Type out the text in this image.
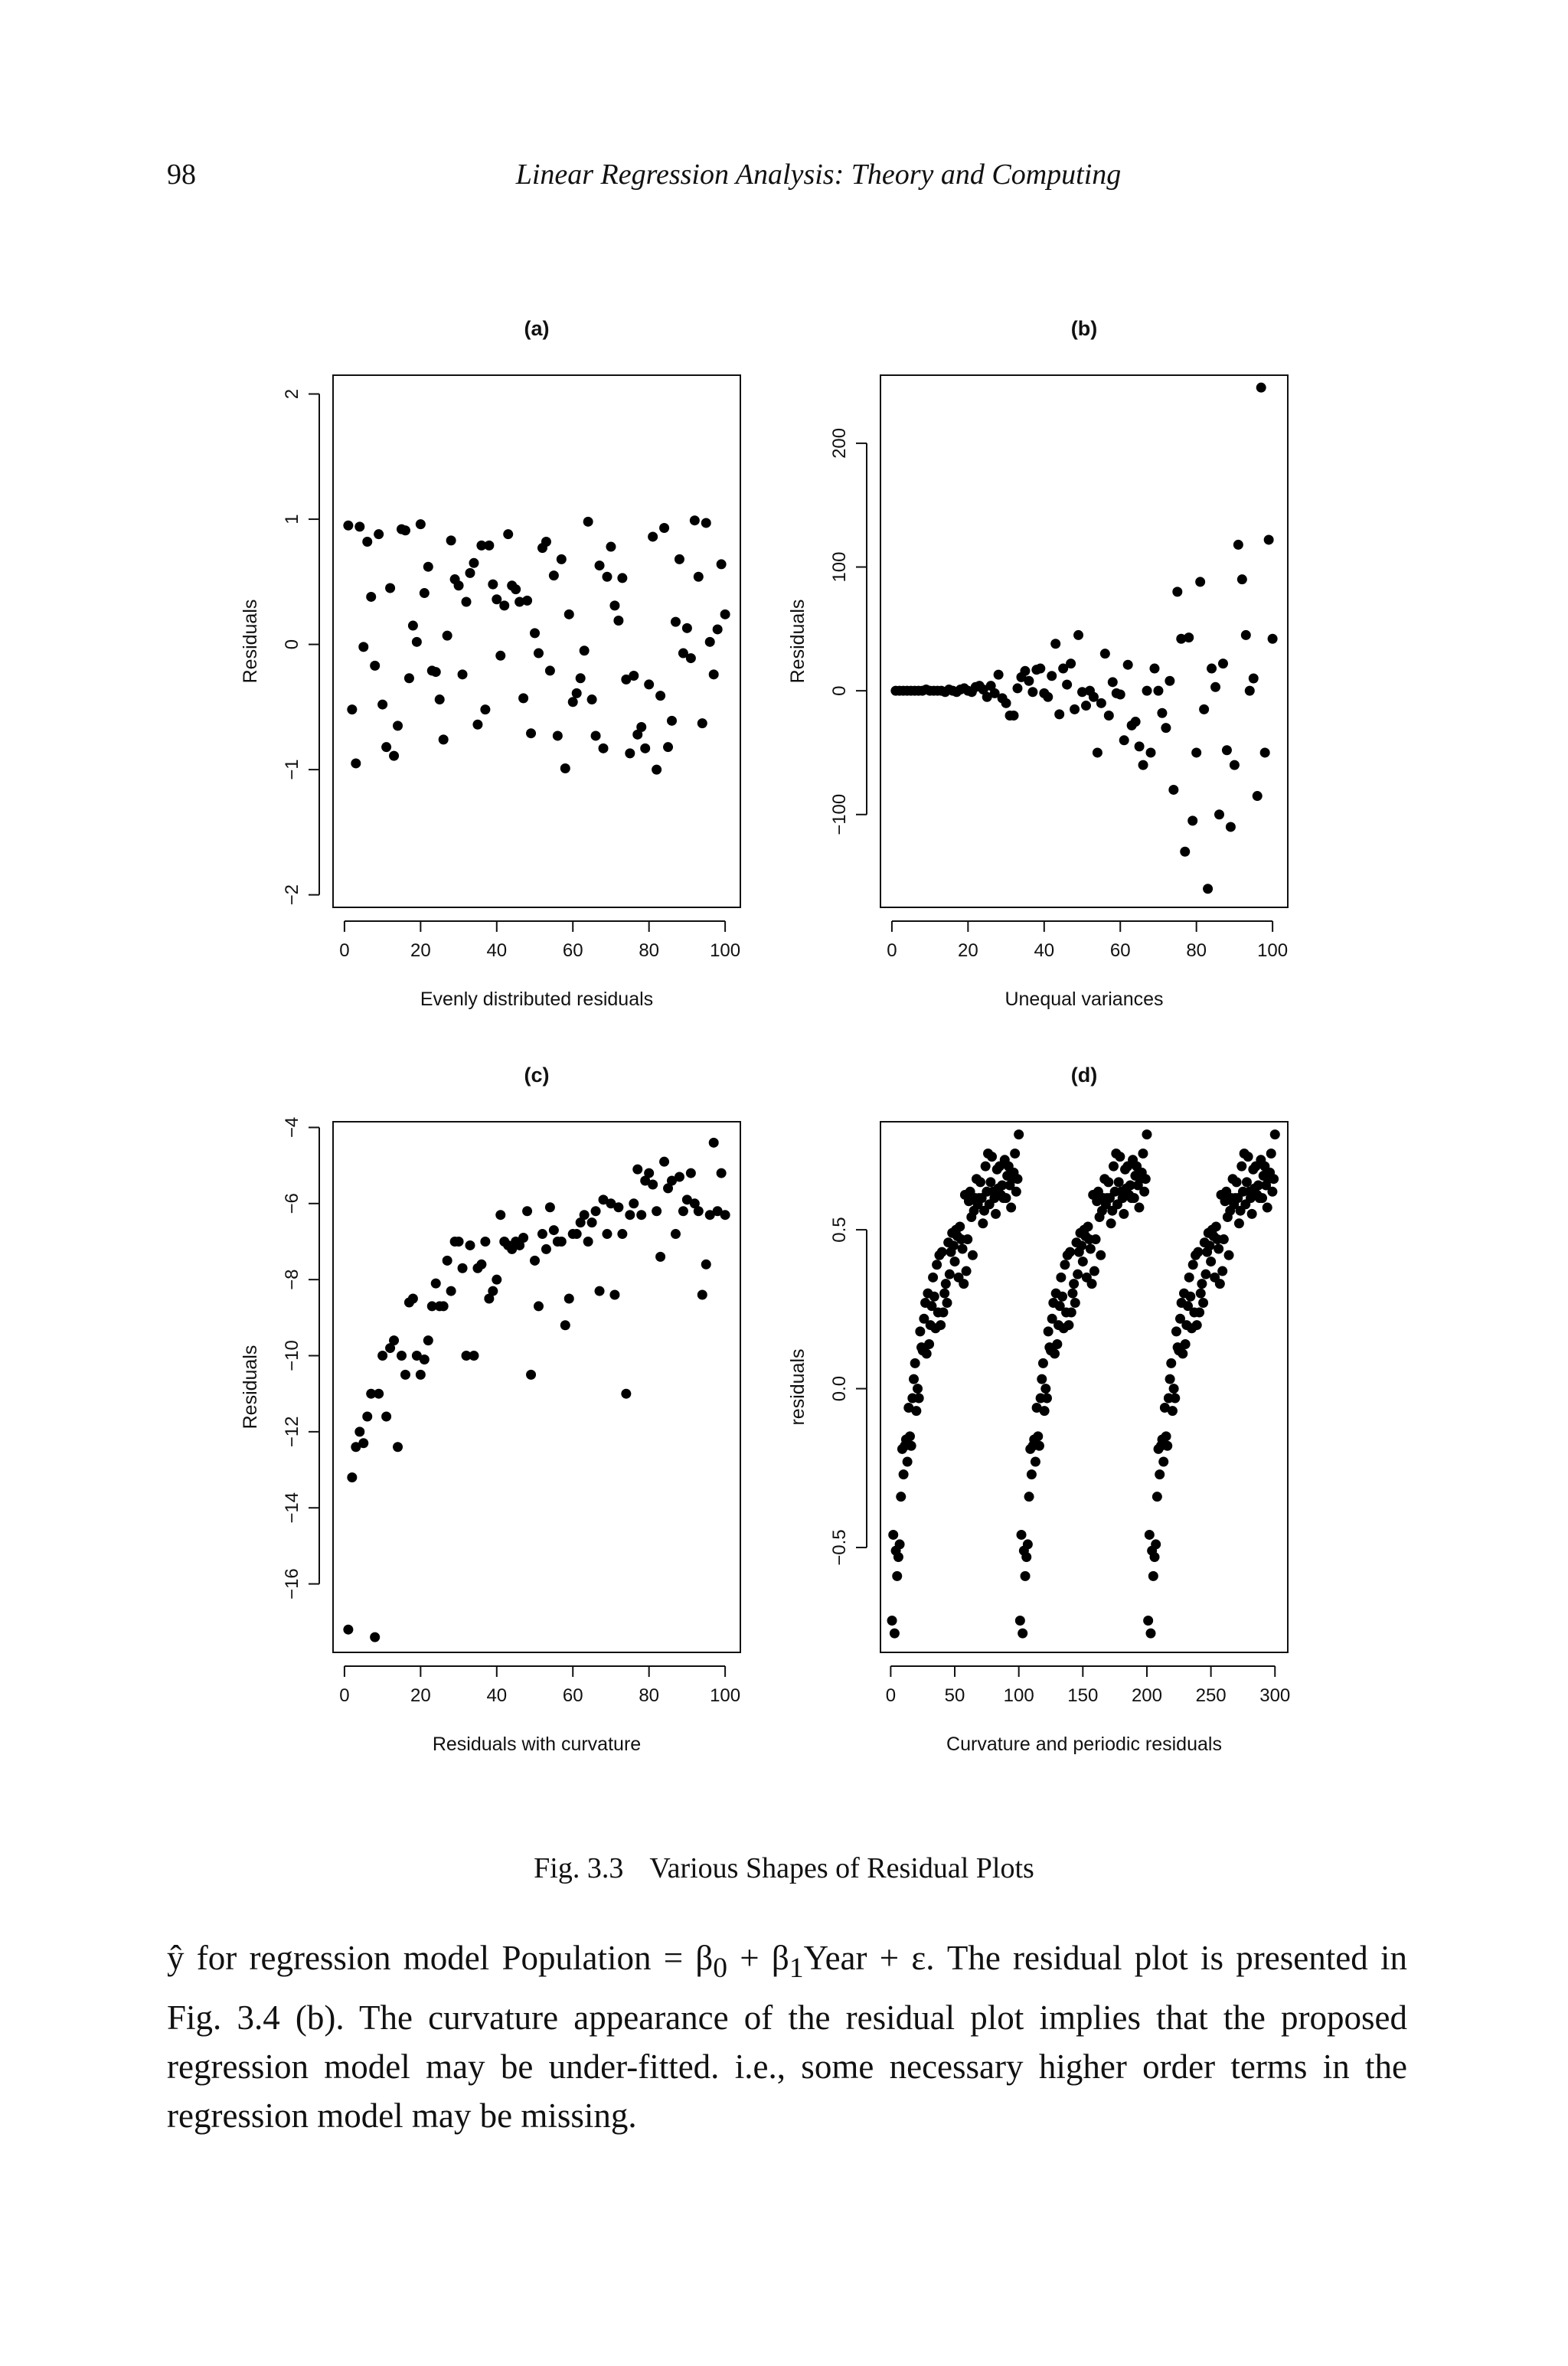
98	Linear Regression Analysis: Theory and Computing
0	20	40	60	80	100
−2
−1
0
1
2
(a)
Evenly distributed residuals
Residuals
0	20	40	60	80	100
−100
0
100
200
(b)
Unequal variances
Residuals
0	20	40	60	80	100
−16
−14
−12
−10
−8
−6
−4
(c)
Residuals with curvature
Residuals
0	50 100 150 200 250 300
−0.5
0.0
0.5
(d)
Curvature and periodic residuals
residuals
Fig. 3.3 Various Shapes of Residual Plots

ŷ for regression model Population = $\beta_0$ + $\beta_1Year + \varepsilon$. The residual plot is presented in Fig. 3.4 (b). The curvature appearance of the residual plot implies that the proposed regression model may be under-fitted. i.e., some necessary higher order terms in the regression model may be missing.
